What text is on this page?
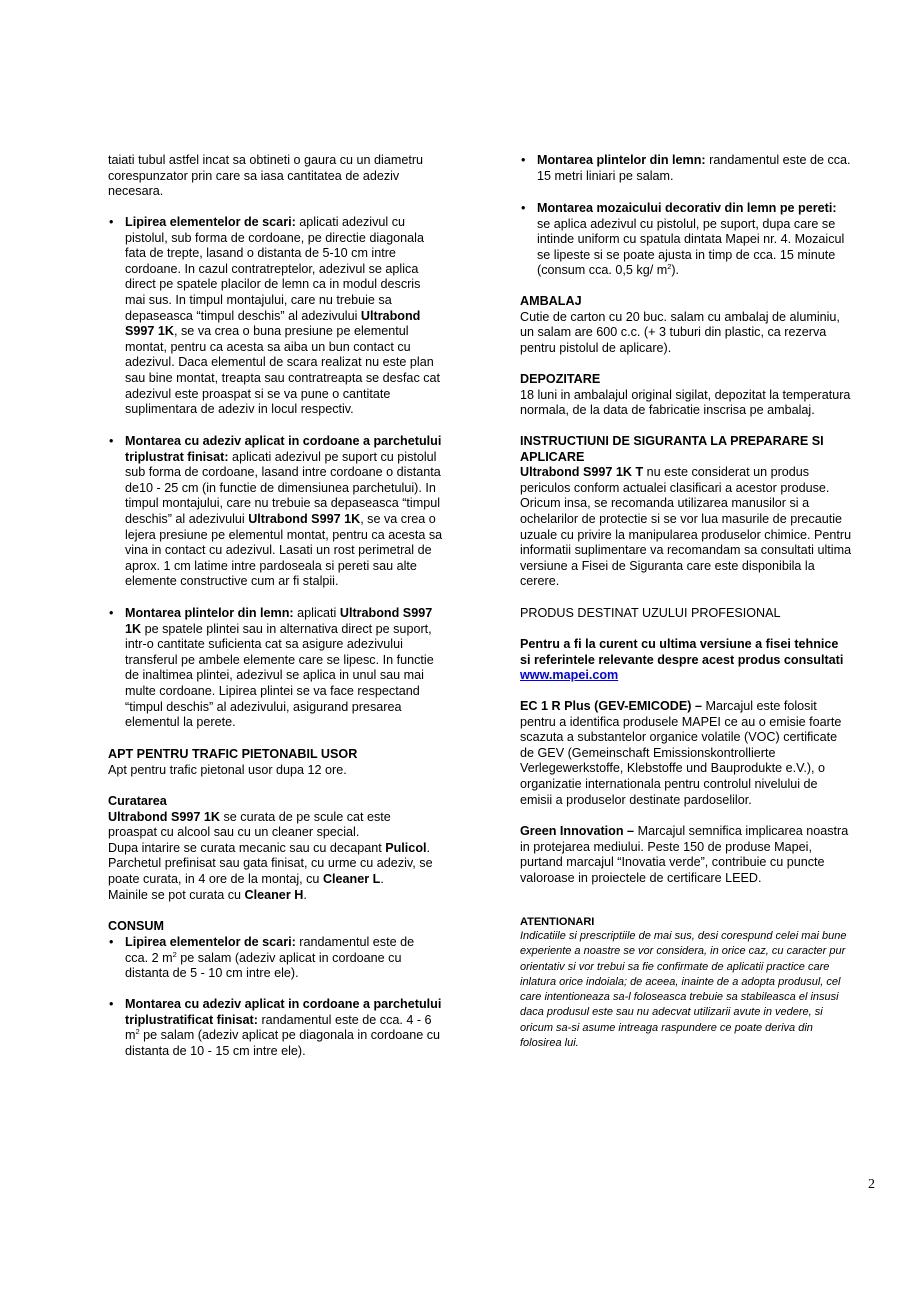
taiati tubul astfel incat sa obtineti o gaura cu un diametru
corespunzator prin care sa iasa cantitatea de adeziv
necesara.
• Lipirea elementelor de scari: aplicati adezivul cu
pistolul, sub forma de cordoane, pe directie diagonala
fata de trepte, lasand o distanta de 5-10 cm intre
cordoane. In cazul contratreptelor, adezivul se aplica
direct pe spatele placilor de lemn ca in modul descris
mai sus. In timpul montajului, care nu trebuie sa
depaseasca “timpul deschis” al adezivului Ultrabond
S997 1K, se va crea o buna presiune pe elementul
montat, pentru ca acesta sa aiba un bun contact cu
adezivul. Daca elementul de scara realizat nu este plan
sau bine montat, treapta sau contratreapta se desfac cat
adezivul este proaspat si se va pune o cantitate
suplimentara de adeziv in locul respectiv.
• Montarea cu adeziv aplicat in cordoane a parchetului
triplustrat finisat: aplicati adezivul pe suport cu pistolul
sub forma de cordoane, lasand intre cordoane o distanta
de10 - 25 cm (in functie de dimensiunea parchetului). In
timpul montajului, care nu trebuie sa depaseasca “timpul
deschis” al adezivului Ultrabond S997 1K, se va crea o
lejera presiune pe elementul montat, pentru ca acesta sa
vina in contact cu adezivul. Lasati un rost perimetral de
aprox. 1 cm latime intre pardoseala si pereti sau alte
elemente constructive cum ar fi stalpii.
• Montarea plintelor din lemn: aplicati Ultrabond S997
1K pe spatele plintei sau in alternativa direct pe suport,
intr-o cantitate suficienta cat sa asigure adezivului
transferul pe ambele elemente care se lipesc. In functie
de inaltimea plintei, adezivul se aplica in unul sau mai
multe cordoane. Lipirea plintei se va face respectand
“timpul deschis” al adezivului, asigurand presarea
elementul la perete.
APT PENTRU TRAFIC PIETONABIL USOR
Apt pentru trafic pietonal usor dupa 12 ore.
Curatarea
Ultrabond S997 1K se curata de pe scule cat este
proaspat cu alcool sau cu un cleaner special.
Dupa intarire se curata mecanic sau cu decapant Pulicol.
Parchetul prefinisat sau gata finisat, cu urme cu adeziv, se
poate curata, in 4 ore de la montaj, cu Cleaner L.
Mainile se pot curata cu Cleaner H.
CONSUM
• Lipirea elementelor de scari: randamentul este de
cca. 2 $m^2$ pe salam (adeziv aplicat in cordoane cu
distanta de 5 - 10 cm intre ele).
• Montarea cu adeziv aplicat in cordoane a parchetului
triplustratificat finisat: randamentul este de cca. 4 - 6
$m^2$ pe salam (adeziv aplicat pe diagonala in cordoane cu
distanta de 10 - 15 cm intre ele).
• Montarea plintelor din lemn: randamentul este de cca.
15 metri liniari pe salam.
• Montarea mozaicului decorativ din lemn pe pereti:
se aplica adezivul cu pistolul, pe suport, dupa care se
intinde uniform cu spatula dintata Mapei nr. 4. Mozaicul
se lipeste si se poate ajusta in timp de cca. 15 minute
(consum cca. 0,5 kg/ $m^2$).
AMBALAJ
Cutie de carton cu 20 buc. salam cu ambalaj de aluminiu,
un salam are 600 c.c. (+ 3 tuburi din plastic, ca rezerva
pentru pistolul de aplicare).
DEPOZITARE
18 luni in ambalajul original sigilat, depozitat la temperatura
normala, de la data de fabricatie inscrisa pe ambalaj.
INSTRUCTIUNI DE SIGURANTA LA PREPARARE SI
APLICARE
Ultrabond S997 1K T nu este considerat un produs
periculos conform actualei clasificari a acestor produse.
Oricum insa, se recomanda utilizarea manusilor si a
ochelarilor de protectie si se vor lua masurile de precautie
uzuale cu privire la manipularea produselor chimice. Pentru
informatii suplimentare va recomandam sa consultati ultima
versiune a Fisei de Siguranta care este disponibila la
cerere.
PRODUS DESTINAT UZULUI PROFESIONAL
Pentru a fi la curent cu ultima versiune a fisei tehnice
si referintele relevante despre acest produs consultati
www.mapei.com
EC 1 R Plus (GEV-EMICODE) – Marcajul este folosit
pentru a identifica produsele MAPEI ce au o emisie foarte
scazuta a substantelor organice volatile (VOC) certificate
de GEV (Gemeinschaft Emissionskontrollierte
Verlegewerkstoffe, Klebstoffe und Bauprodukte e.V.), o
organizatie internationala pentru controlul nivelului de
emisii a produselor destinate pardoselilor.
Green Innovation – Marcajul semnifica implicarea noastra
in protejarea mediului. Peste 150 de produse Mapei,
purtand marcajul “Inovatia verde”, contribuie cu puncte
valoroase in proiectele de certificare LEED.
ATENTIONARI
Indicatiile si prescriptiile de mai sus, desi corespund celei mai bune
experiente a noastre se vor considera, in orice caz, cu caracter pur
orientativ si vor trebui sa fie confirmate de aplicatii practice care
inlatura orice indoiala; de aceea, inainte de a adopta produsul, cel
care intentioneaza sa-l foloseasca trebuie sa stabileasca el insusi
daca produsul este sau nu adecvat utilizarii avute in vedere, si
oricum sa-si asume intreaga raspundere ce poate deriva din
folosirea lui.
2
